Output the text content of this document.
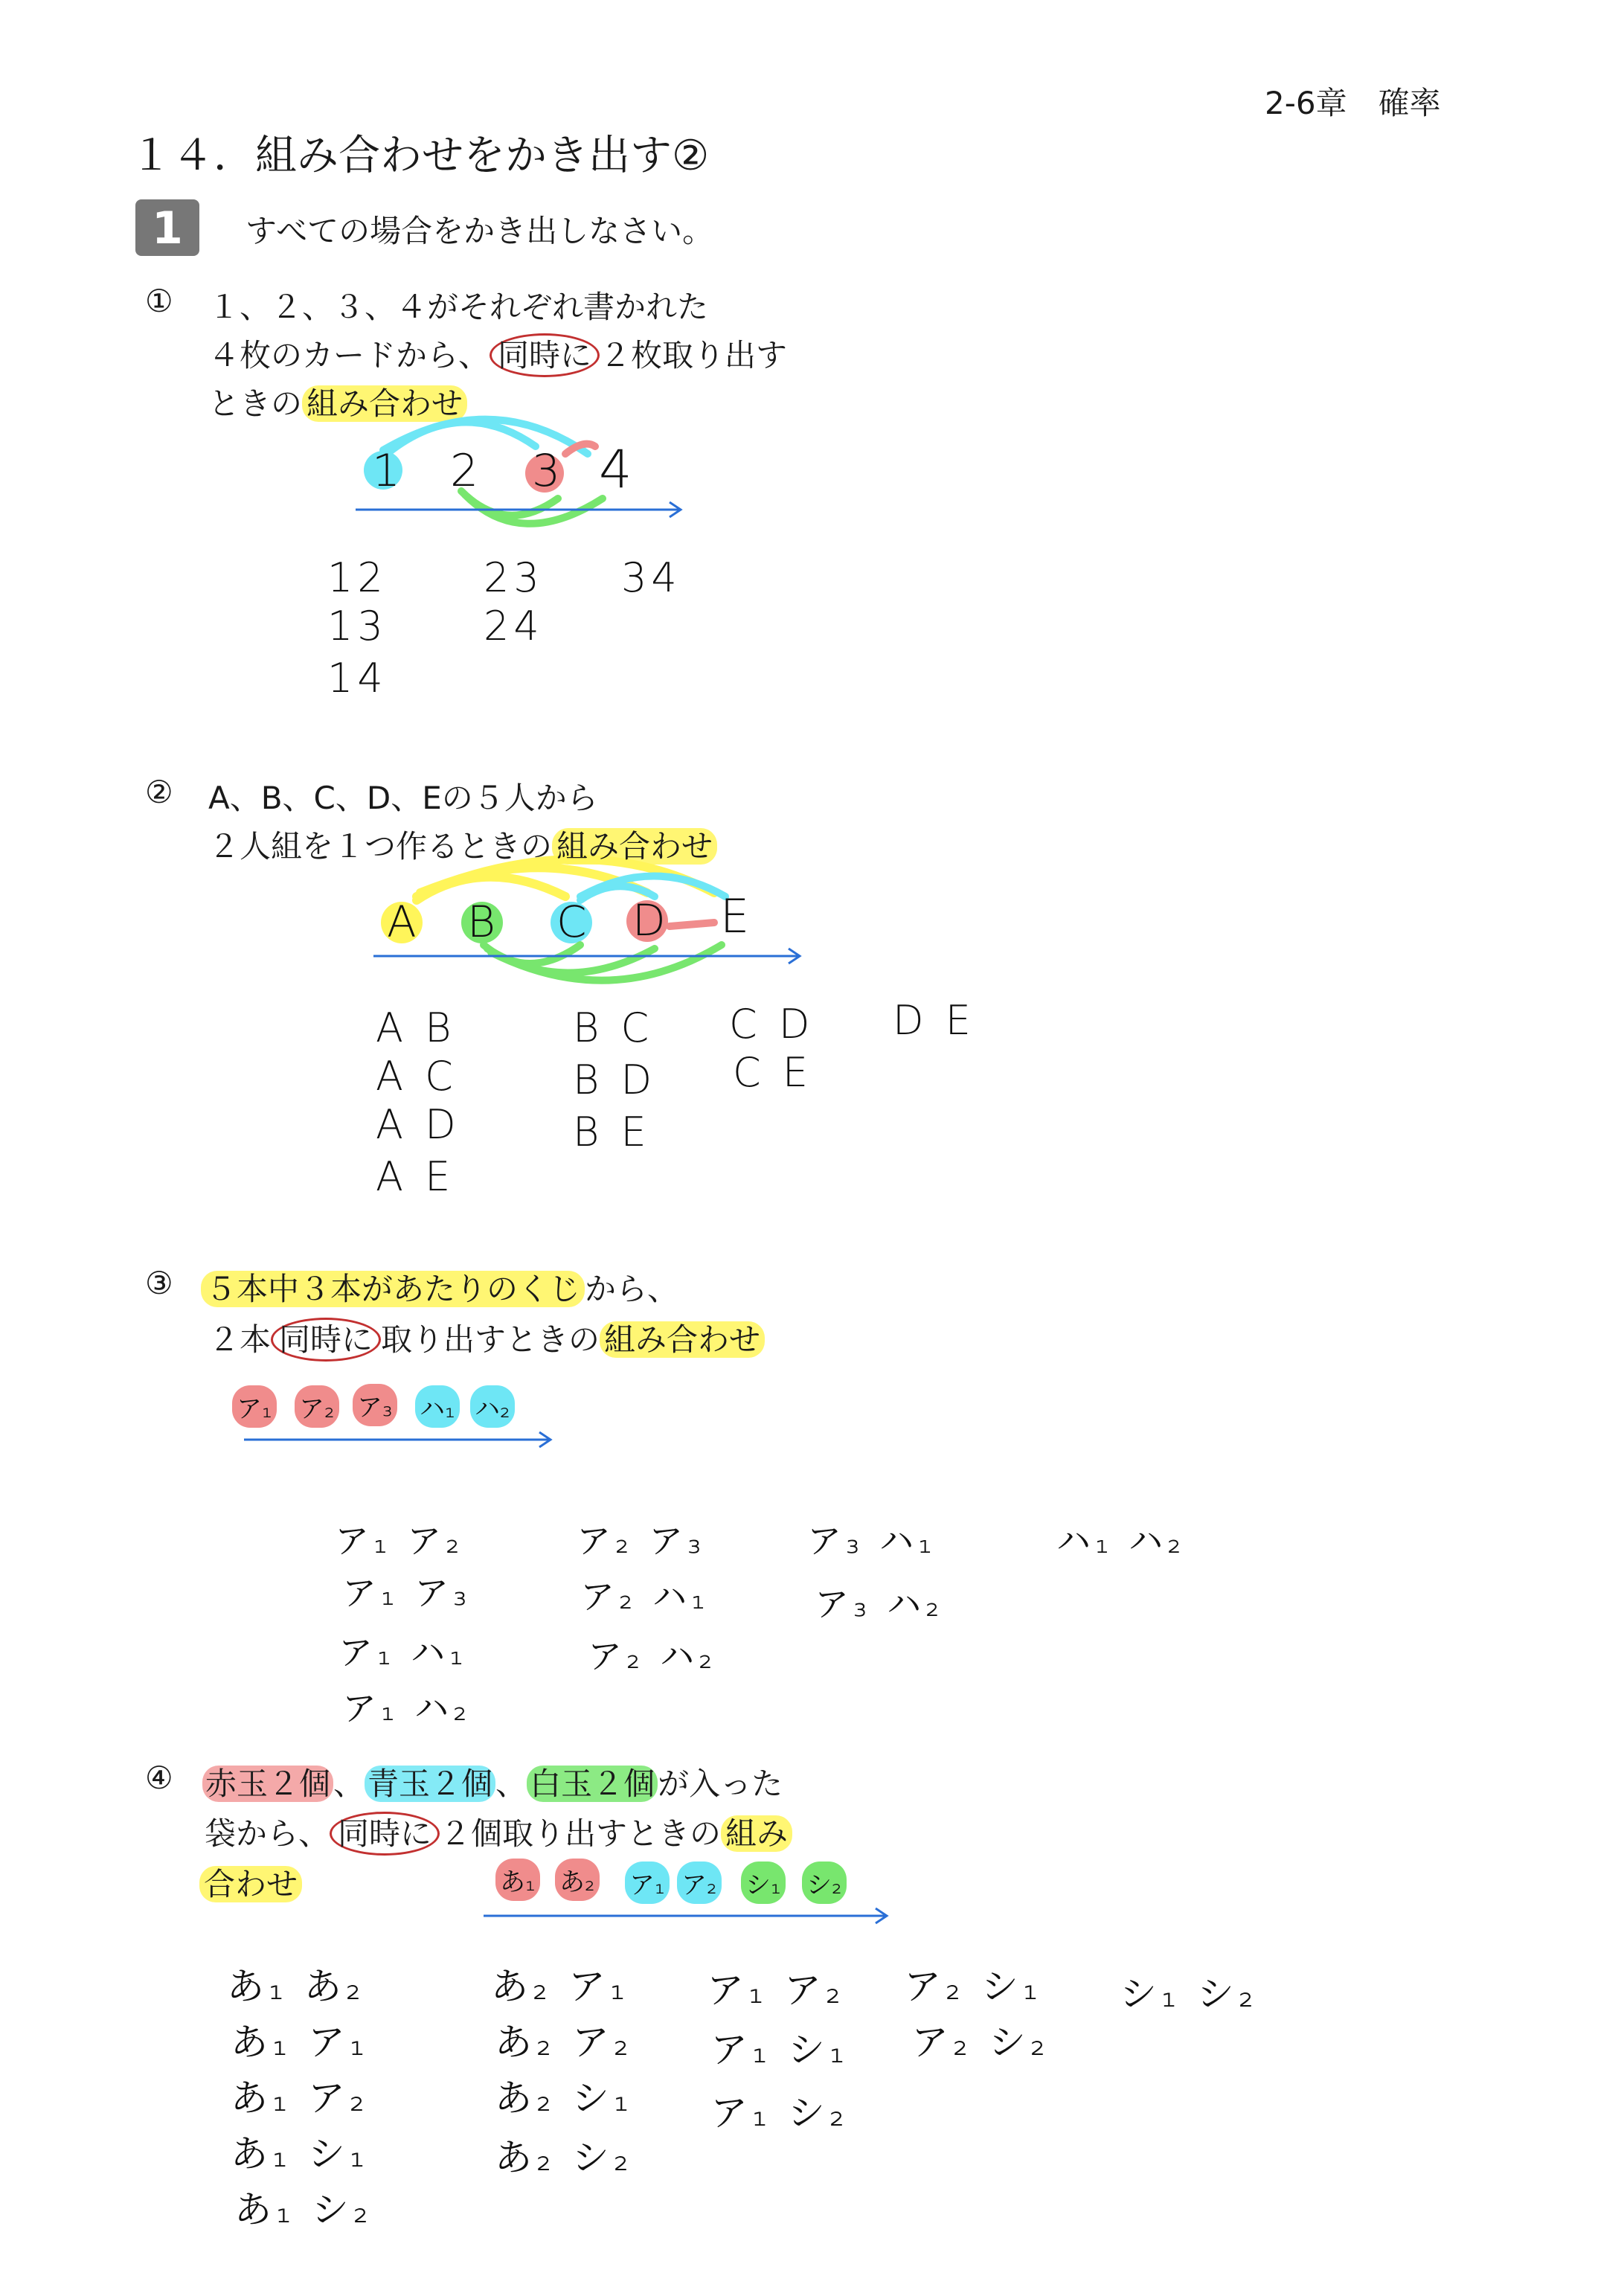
2-6章　確率
１４．組み合わせをかき出す②
1	すべての場合をかき出しなさい。
① １、２、３、４がそれぞれ書かれた
４枚のカードから、 同時に ２枚取り出す
ときの 組み合わせ
1 2 3 4
12
13
14
23
24
34
② A、B、C、D、Eの５人から
２人組を１つ作るときの 組み合わせ
A B C D E
A B
A C
A D
A E
B C
B D
B E
C D
C E
D E
③ ５本中３本があたりのくじ から、
２本 同時に 取り出すときの 組み合わせ
ア₁ ア₂ ア₃ ハ₁ ハ₂
ア₁ ア₂
ア₁ ア₃
ア₁ ハ₁
ア₁ ハ₂
ア₂ ア₃
ア₂ ハ₁
ア₂ ハ₂
ア₃ ハ₁
ア₃ ハ₂
ハ₁ ハ₂
④ 赤玉２個、青玉２個、白玉２個が入った
袋から、 同時に ２個取り出すときの 組み
合わせ	あ₁ あ₂ ア₁ ア₂ シ₁ シ₂
あ₁ あ₂
あ₁ ア₁
あ₁ ア₂
あ₁ シ₁
あ₁ シ₂
あ₂ ア₁
あ₂ ア₂
あ₂ シ₁
あ₂ シ₂
ア₁ ア₂
ア₁ シ₁
ア₁ シ₂
ア₂ シ₁
ア₂ シ₂
シ₁ シ₂
